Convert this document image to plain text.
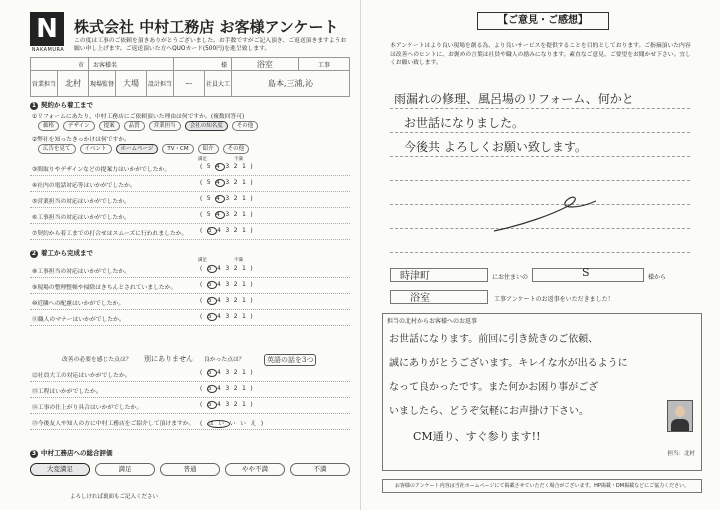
N
NAKAMURA
株式会社 中村工務店 お客様アンケート
この度は工事のご依頼を頂きありがとうございました。お手数ですがご記入頂き、ご返送頂きますようお願い申し上げます。ご返送頂いた方へQUOカード(500円)を進呈致します。
市		お客様名			様		浴室	工事
営業担当	北村	現場監督	大場	設計担当	ー	社員大工	島本,三浦,沁	
1 契約から着工まで
①リフォームにあたり、中村工務店にご依頼頂いた理由は何ですか。(複数回答可)
価格	デザイン	提案	品質	営業担当	会社の知名度	その他
②弊社を知ったきっかけは何ですか。
広告を見て	イベント	ホームページ	TV・CM	紹介	その他
満足　　　　　　不満
③間取りやデザインなどの提案力はいかがでしたか。	(54321)
④社内の電話対応等はいかがでしたか。	(54321)
⑤営業担当の対応はいかがでしたか。	(54321)
⑥工事担当の対応はいかがでしたか。	(54321)
⑦契約から着工までの打合せはスムーズに行われましたか。 (54321)
2 着工から完成まで
満足　　　　　　不満
⑧工事担当の対応はいかがでしたか。	(54321)
⑨現場の整理整頓や掃除はきちんとされていましたか。	(54321)
⑩近隣への配慮はいかがでしたか。	(54321)
⑪職人のマナーはいかがでしたか。	(54321)
改善の必要を感じた点は？ 別にありません 良かった点は？	英語の話を3つ
⑫社員大工の対応はいかがでしたか。	(54321)
⑬工程はいかがでしたか。	(54321)
⑭工事の仕上がり具合はいかがでしたか。	(54321)
⑮今後友人や知人の方に中村工務店をご紹介して頂けますか。 (はいいいえ)
3 中村工務店への総合評価
大変満足	満足	普通	やや不満	不満
よろしければ裏面もご記入ください
【ご意見・ご感想】
本アンケートはより良い現場を創る為、より良いサービスを提供することを目的としております。ご指摘頂いた内容は改善へのヒントに、お褒めの言葉は社員や職人の励みになります。素直なご意見、ご要望をお聞かせ下さい。宜しくお願い致します。
雨漏れの修理、風呂場のリフォーム、何かと
お世話になりました。
今後共 よろしくお願い致します。
時津町	にお住まいの	S	様から
浴室	工事アンケートのお返事をいただきました！
担当の北村からお客様へのお返事
お世話になります。前回に引き続きのご依頼、
誠にありがとうございます。キレイな水が出るように
なって良かったです。また何かお困り事がござ
いましたら、どうぞ気軽にお声掛け下さい。
CM通り、すぐ参ります!!
担当：北村
お客様のアンケート内容は当社ホームページにて掲載させていただく場合がございます。HP掲載・DM掲載などにご協力ください。
